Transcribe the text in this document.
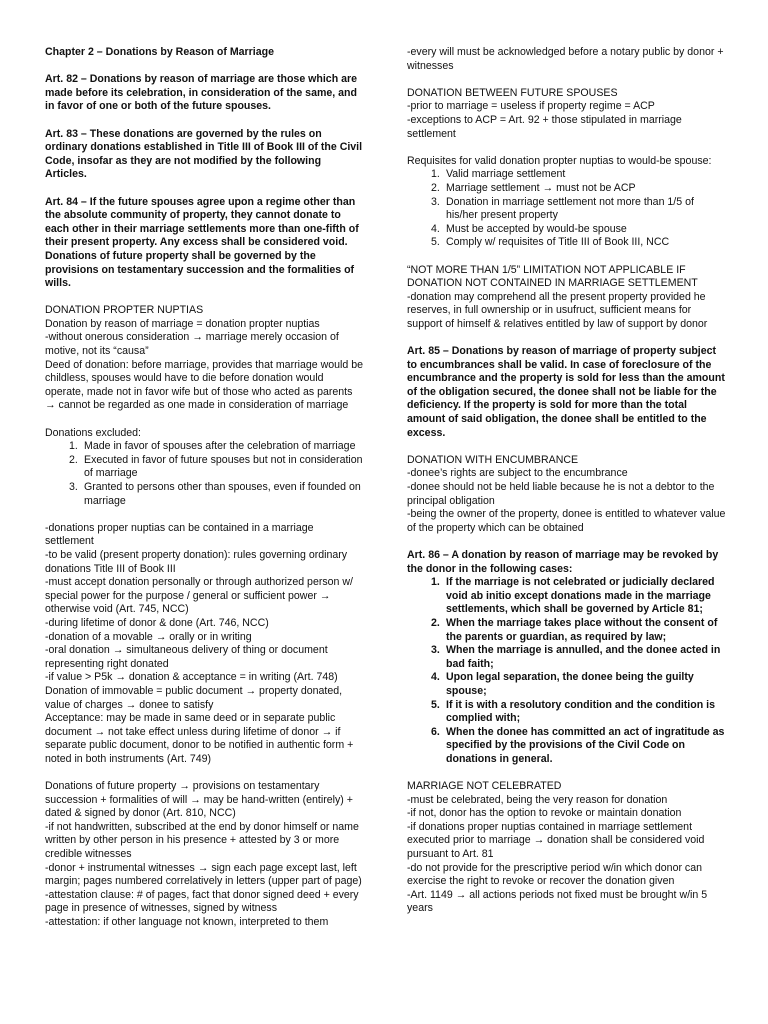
Chapter 2 – Donations by Reason of Marriage
Art. 82 – Donations by reason of marriage are those which are made before its celebration, in consideration of the same, and in favor of one or both of the future spouses.
Art. 83 – These donations are governed by the rules on ordinary donations established in Title III of Book III of the Civil Code, insofar as they are not modified by the following Articles.
Art. 84 – If the future spouses agree upon a regime other than the absolute community of property, they cannot donate to each other in their marriage settlements more than one-fifth of their present property. Any excess shall be considered void.
Donations of future property shall be governed by the provisions on testamentary succession and the formalities of wills.
DONATION PROPTER NUPTIAS
Donation by reason of marriage = donation propter nuptias
-without onerous consideration → marriage merely occasion of motive, not its “causa”
Deed of donation: before marriage, provides that marriage would be childless, spouses would have to die before donation would operate, made not in favor wife but of those who acted as parents → cannot be regarded as one made in consideration of marriage
Donations excluded:
1. Made in favor of spouses after the celebration of marriage
2. Executed in favor of future spouses but not in consideration of marriage
3. Granted to persons other than spouses, even if founded on marriage
-donations proper nuptias can be contained in a marriage settlement
-to be valid (present property donation): rules governing ordinary donations Title III of Book III
-must accept donation personally or through authorized person w/ special power for the purpose / general or sufficient power → otherwise void (Art. 745, NCC)
-during lifetime of donor & done (Art. 746, NCC)
-donation of a movable → orally or in writing
-oral donation → simultaneous delivery of thing or document representing right donated
-if value > P5k → donation & acceptance = in writing (Art. 748)
Donation of immovable = public document → property donated, value of charges → donee to satisfy
Acceptance: may be made in same deed or in separate public document → not take effect unless during lifetime of donor → if separate public document, donor to be notified in authentic form + noted in both instruments (Art. 749)
Donations of future property → provisions on testamentary succession + formalities of will → may be hand-written (entirely) + dated & signed by donor (Art. 810, NCC)
-if not handwritten, subscribed at the end by donor himself or name written by other person in his presence + attested by 3 or more credible witnesses
-donor + instrumental witnesses → sign each page except last, left margin; pages numbered correlatively in letters (upper part of page)
-attestation clause: # of pages, fact that donor signed deed + every page in presence of witnesses, signed by witness
-attestation: if other language not known, interpreted to them
-every will must be acknowledged before a notary public by donor + witnesses
DONATION BETWEEN FUTURE SPOUSES
-prior to marriage = useless if property regime = ACP
-exceptions to ACP = Art. 92 + those stipulated in marriage settlement
Requisites for valid donation propter nuptias to would-be spouse:
1. Valid marriage settlement
2. Marriage settlement → must not be ACP
3. Donation in marriage settlement not more than 1/5 of his/her present property
4. Must be accepted by would-be spouse
5. Comply w/ requisites of Title III of Book III, NCC
“NOT MORE THAN 1/5” LIMITATION NOT APPLICABLE IF DONATION NOT CONTAINED IN MARRIAGE SETTLEMENT
-donation may comprehend all the present property provided he reserves, in full ownership or in usufruct, sufficient means for support of himself & relatives entitled by law of support by donor
Art. 85 – Donations by reason of marriage of property subject to encumbrances shall be valid. In case of foreclosure of the encumbrance and the property is sold for less than the amount of the obligation secured, the donee shall not be liable for the deficiency. If the property is sold for more than the total amount of said obligation, the donee shall be entitled to the excess.
DONATION WITH ENCUMBRANCE
-donee’s rights are subject to the encumbrance
-donee should not be held liable because he is not a debtor to the principal obligation
-being the owner of the property, donee is entitled to whatever value of the property which can be obtained
Art. 86 – A donation by reason of marriage may be revoked by the donor in the following cases:
1. If the marriage is not celebrated or judicially declared void ab initio except donations made in the marriage settlements, which shall be governed by Article 81;
2. When the marriage takes place without the consent of the parents or guardian, as required by law;
3. When the marriage is annulled, and the donee acted in bad faith;
4. Upon legal separation, the donee being the guilty spouse;
5. If it is with a resolutory condition and the condition is complied with;
6. When the donee has committed an act of ingratitude as specified by the provisions of the Civil Code on donations in general.
MARRIAGE NOT CELEBRATED
-must be celebrated, being the very reason for donation
-if not, donor has the option to revoke or maintain donation
-if donations proper nuptias contained in marriage settlement executed prior to marriage → donation shall be considered void pursuant to Art. 81
-do not provide for the prescriptive period w/in which donor can exercise the right to revoke or recover the donation given
-Art. 1149 → all actions periods not fixed must be brought w/in 5 years
